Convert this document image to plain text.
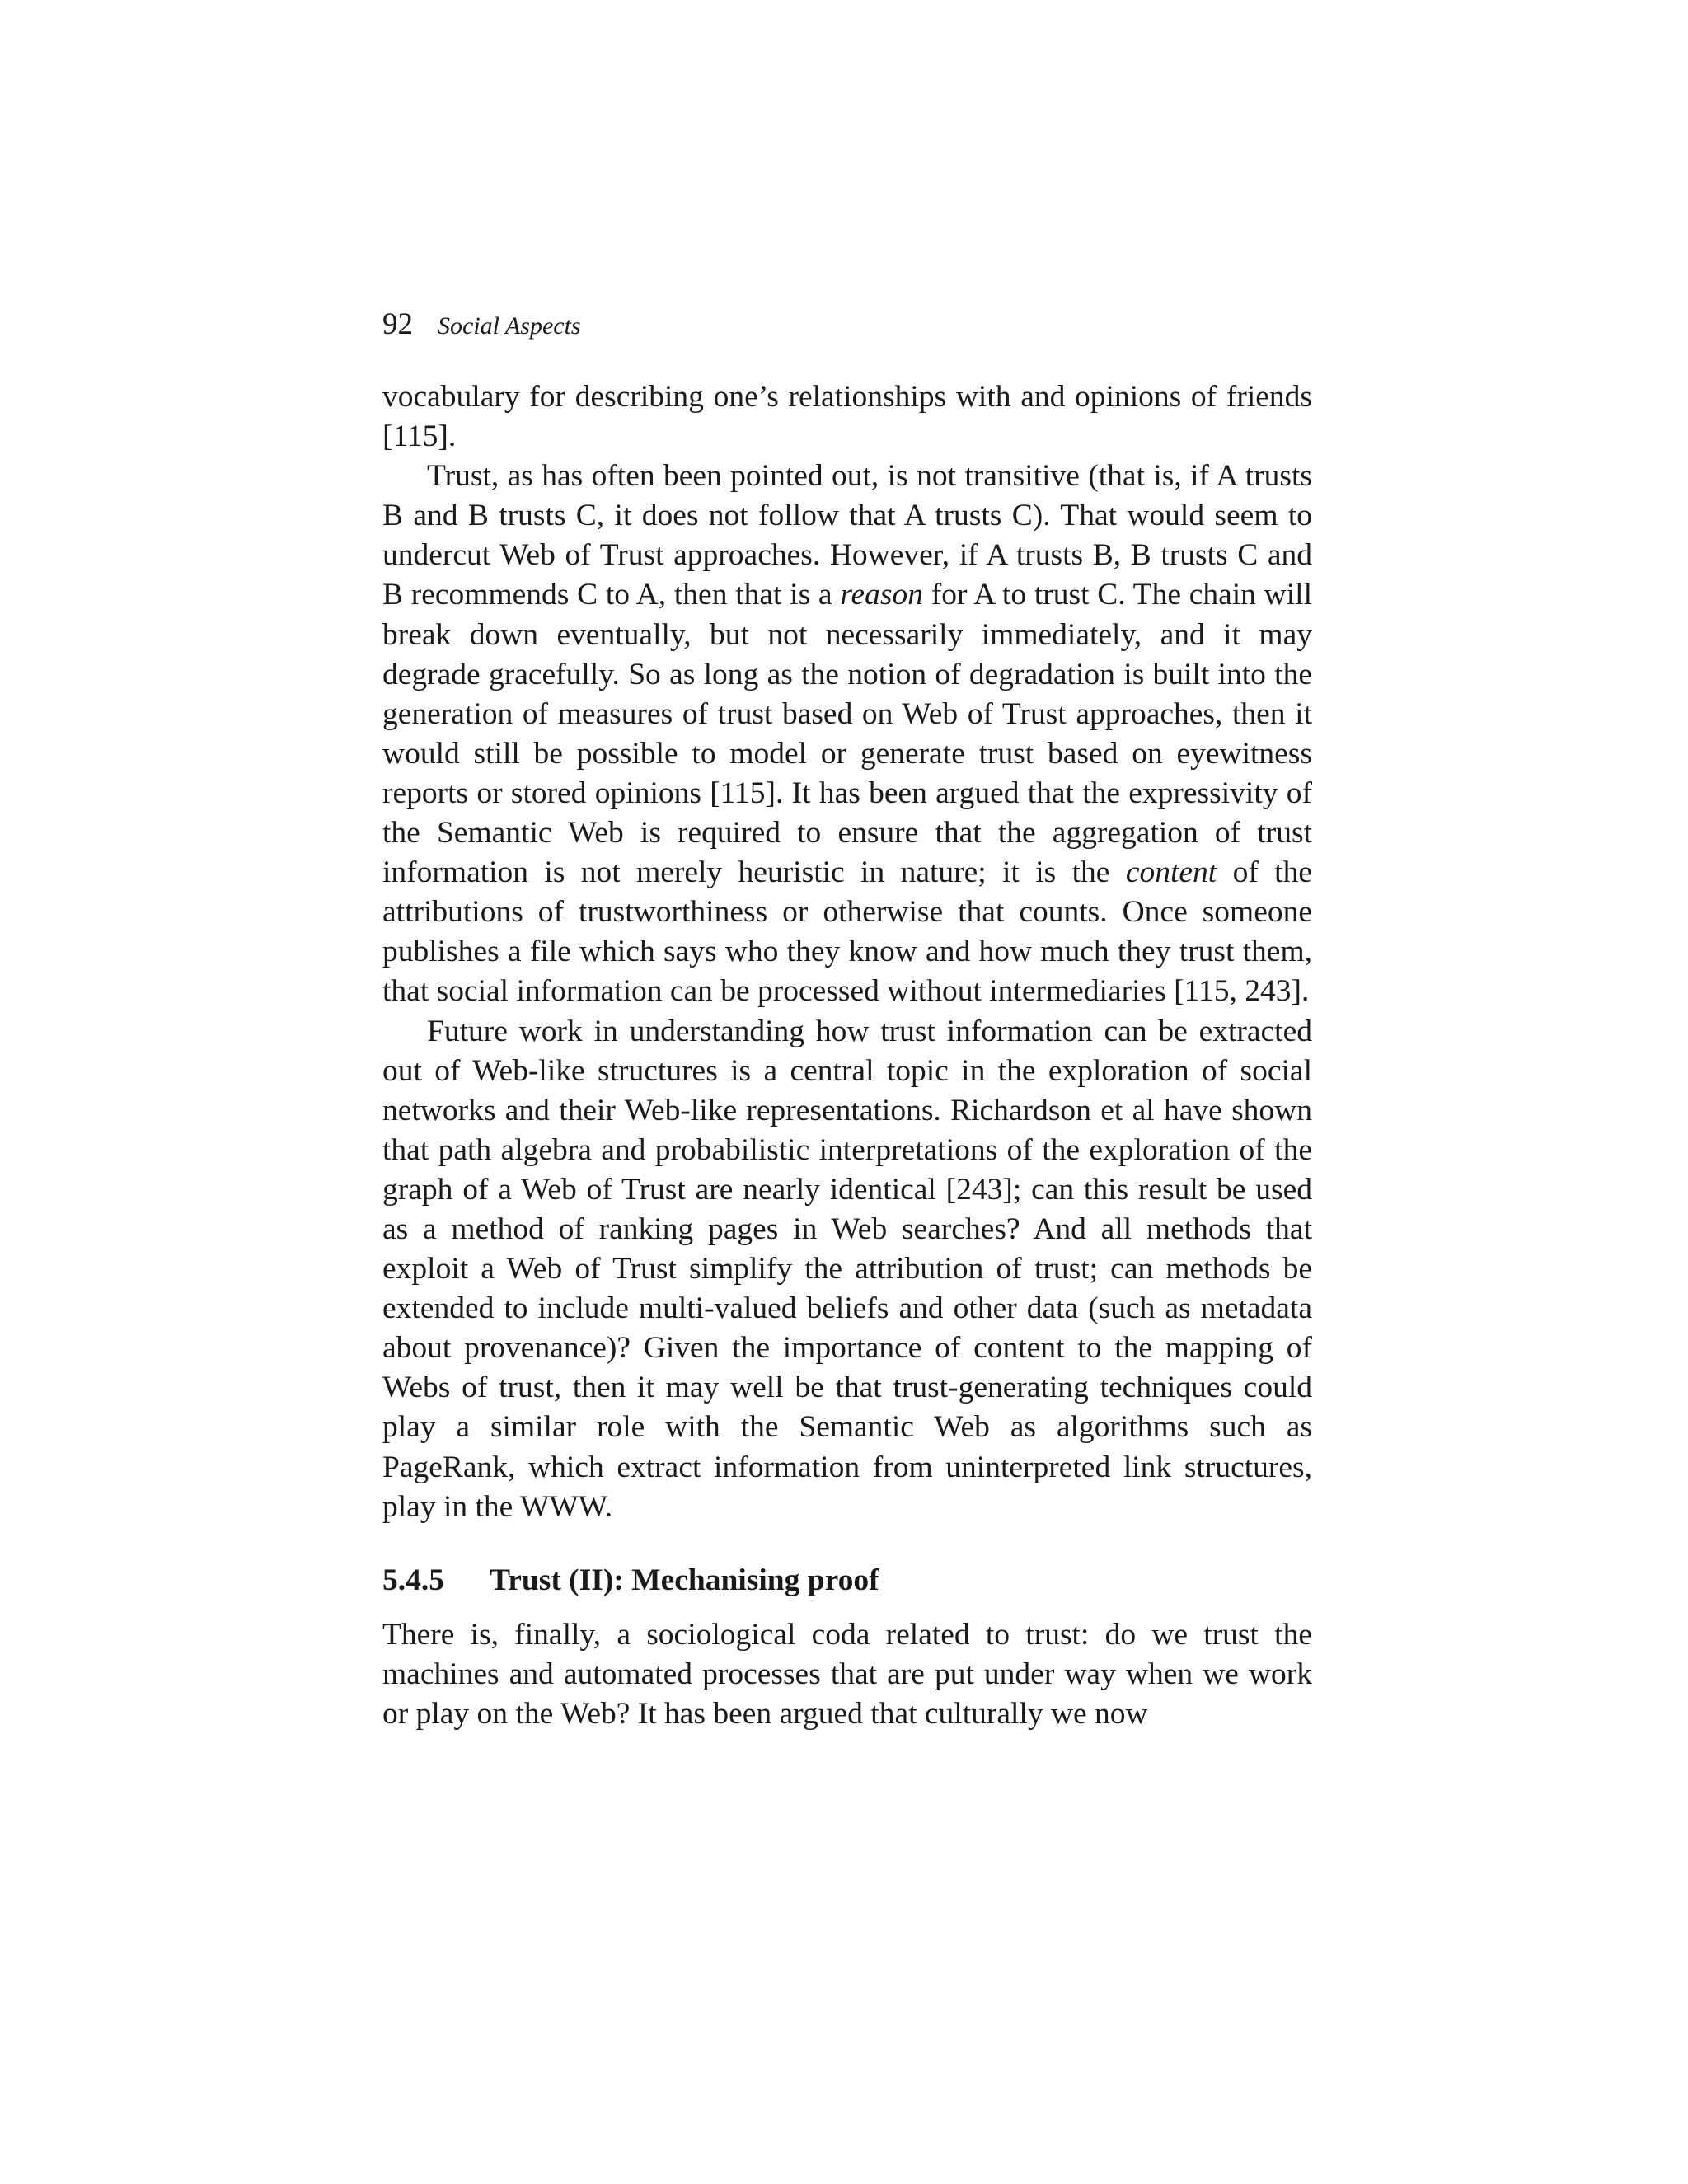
92 Social Aspects

vocabulary for describing one’s relationships with and opinions of friends [115].

Trust, as has often been pointed out, is not transitive (that is, if A trusts B and B trusts C, it does not follow that A trusts C). That would seem to undercut Web of Trust approaches. However, if A trusts B, B trusts C and B recommends C to A, then that is a reason for A to trust C. The chain will break down eventually, but not necessarily immediately, and it may degrade gracefully. So as long as the notion of degradation is built into the generation of measures of trust based on Web of Trust approaches, then it would still be possible to model or generate trust based on eyewitness reports or stored opinions [115]. It has been argued that the expressivity of the Semantic Web is required to ensure that the aggregation of trust information is not merely heuristic in nature; it is the content of the attributions of trustworthiness or otherwise that counts. Once someone publishes a file which says who they know and how much they trust them, that social information can be processed without intermediaries [115, 243].

Future work in understanding how trust information can be extracted out of Web-like structures is a central topic in the exploration of social networks and their Web-like representations. Richardson et al have shown that path algebra and probabilistic interpretations of the exploration of the graph of a Web of Trust are nearly identical [243]; can this result be used as a method of ranking pages in Web searches? And all methods that exploit a Web of Trust simplify the attribution of trust; can methods be extended to include multi-valued beliefs and other data (such as metadata about provenance)? Given the importance of content to the mapping of Webs of trust, then it may well be that trust-generating techniques could play a similar role with the Semantic Web as algorithms such as PageRank, which extract information from uninterpreted link structures, play in the WWW.

5.4.5 Trust (II): Mechanising proof

There is, finally, a sociological coda related to trust: do we trust the machines and automated processes that are put under way when we work or play on the Web? It has been argued that culturally we now
